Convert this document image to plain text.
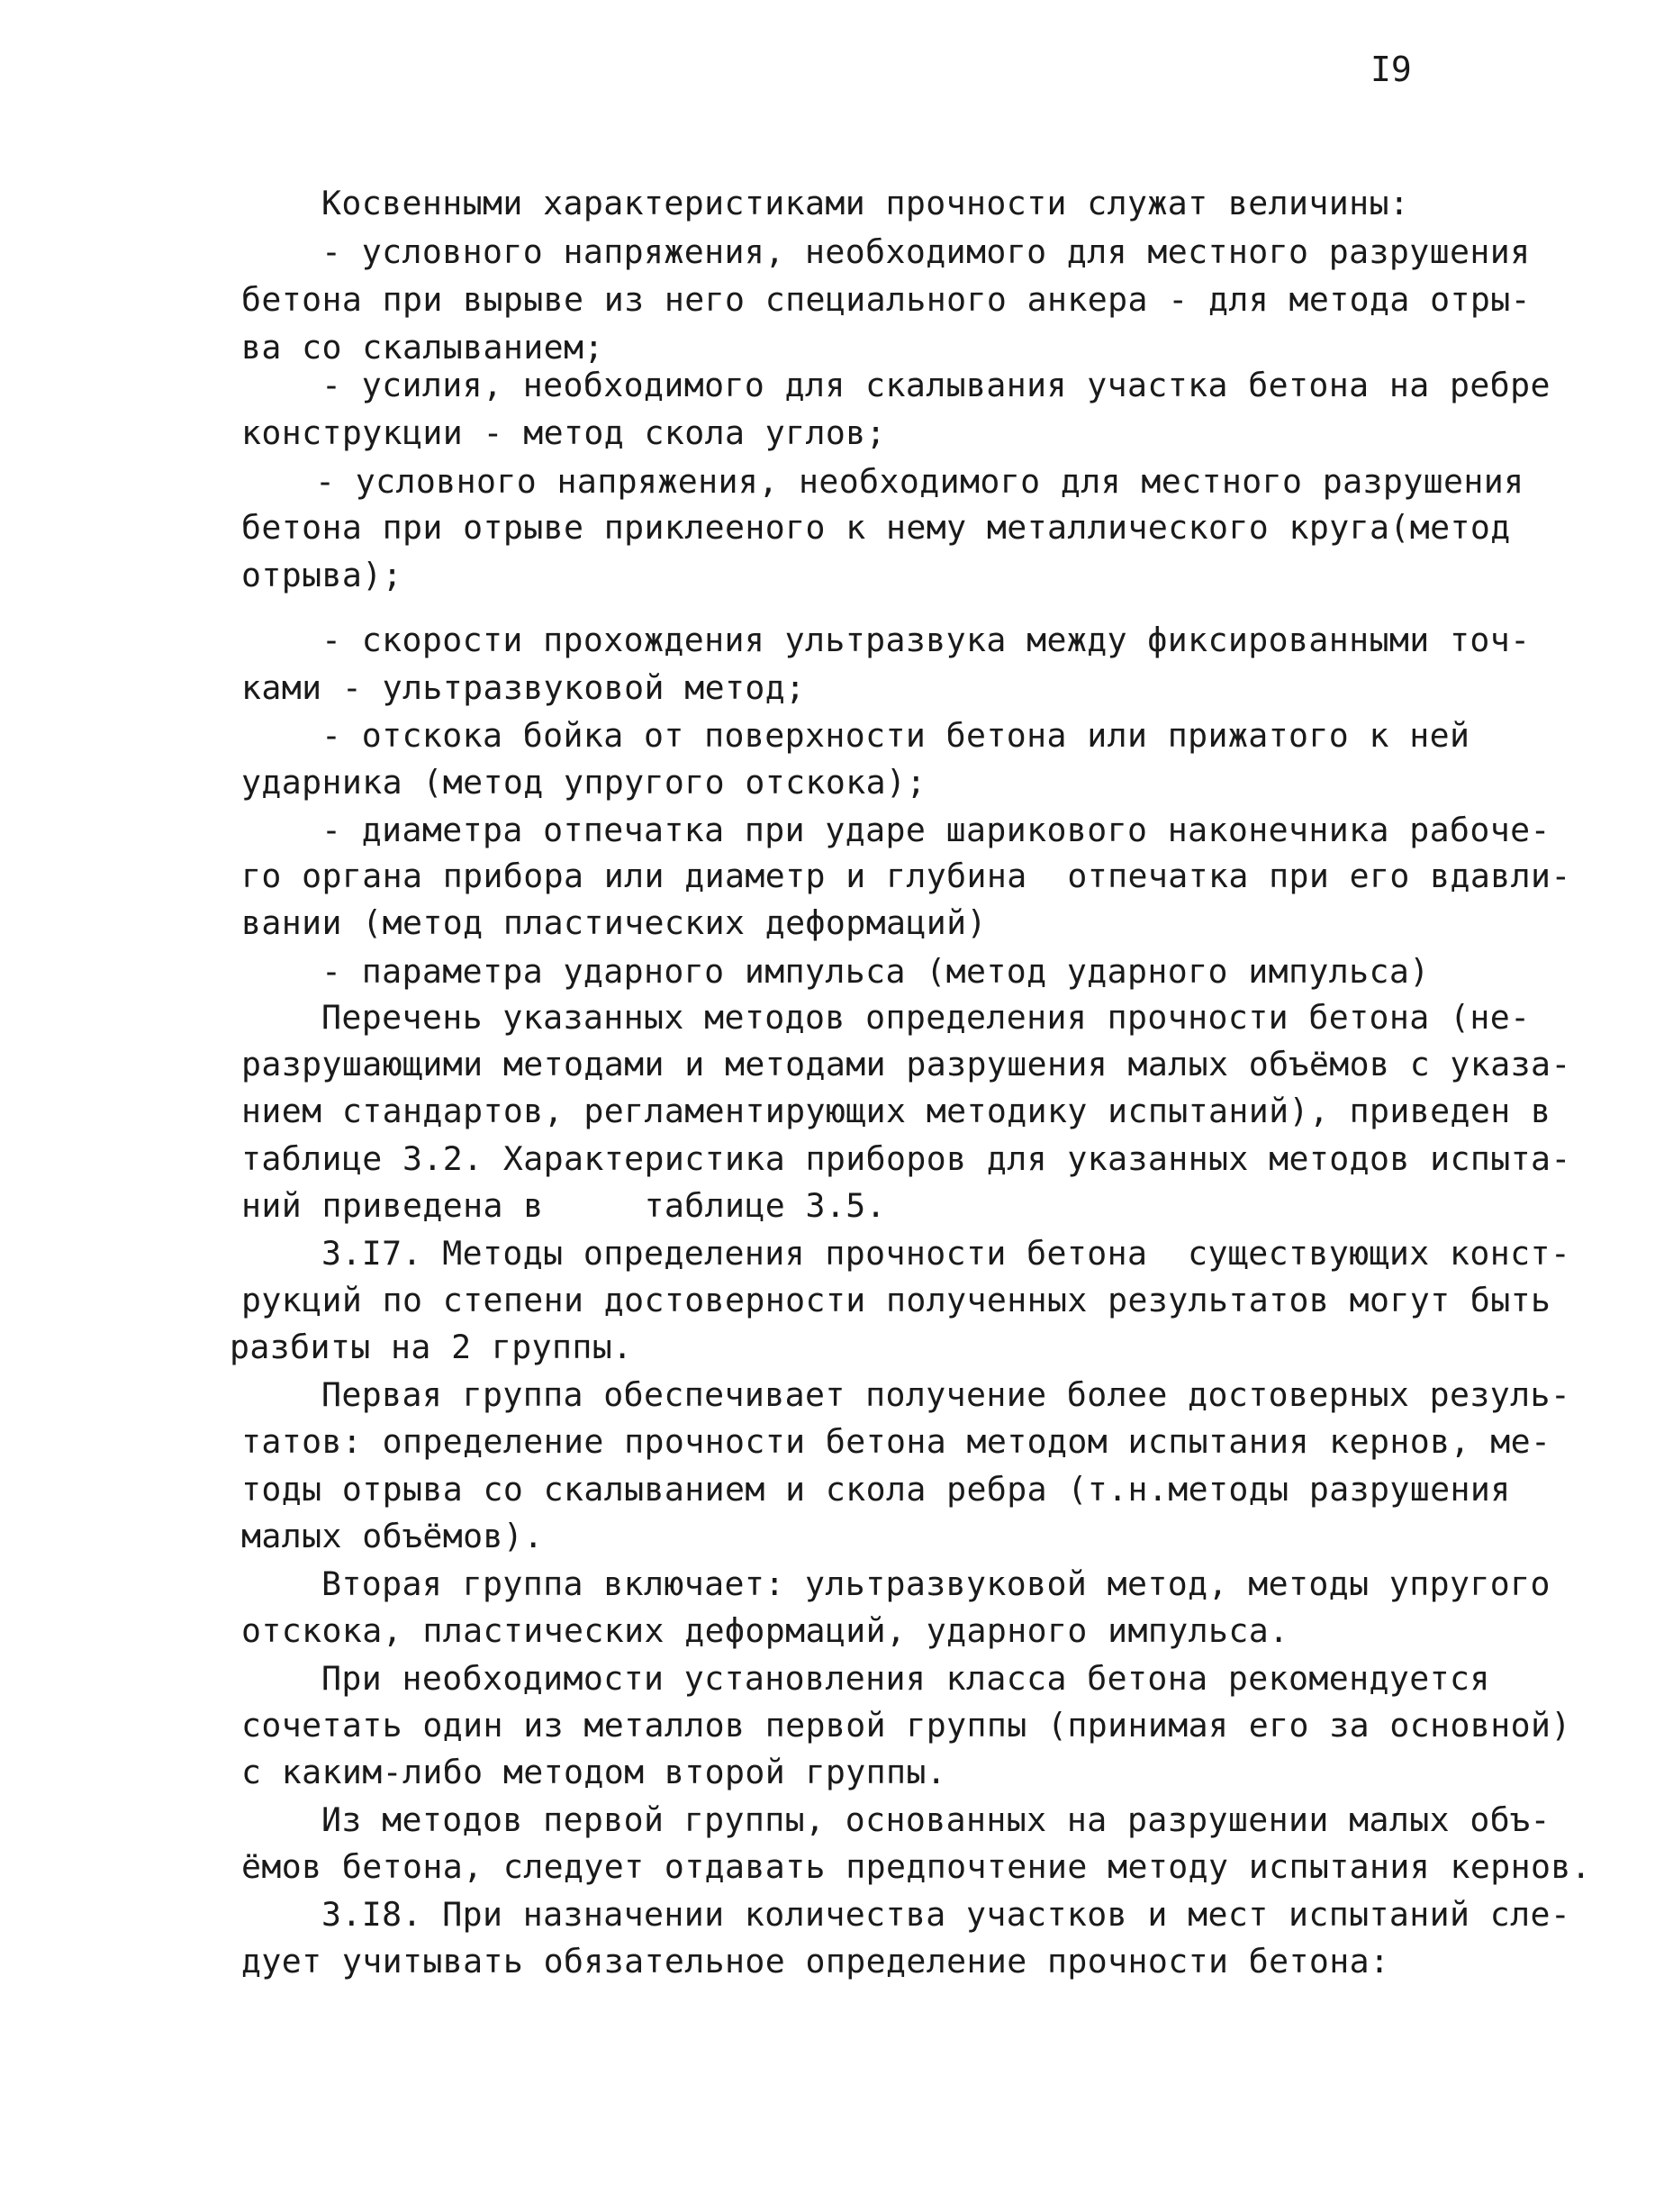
I9
Косвенными характеристиками прочности служат величины:
- условного напряжения, необходимого для местного разрушения
бетона при вырыве из него специального анкера - для метода отры-
ва со скалыванием;
- усилия, необходимого для скалывания участка бетона на ребре
конструкции - метод скола углов;
- условного напряжения, необходимого для местного разрушения
бетона при отрыве приклееного к нему металлического круга(метод
отрыва);
- скорости прохождения ультразвука между фиксированными точ-
ками - ультразвуковой метод;
- отскока бойка от поверхности бетона или прижатого к ней
ударника (метод упругого отскока);
- диаметра отпечатка при ударе шарикового наконечника рабоче-
го органа прибора или диаметр и глубина  отпечатка при его вдавли-
вании (метод пластических деформаций)
- параметра ударного импульса (метод ударного импульса)
Перечень указанных методов определения прочности бетона (не-
разрушающими методами и методами разрушения малых объёмов с указа-
нием стандартов, регламентирующих методику испытаний), приведен в
таблице 3.2. Характеристика приборов для указанных методов испыта-
ний приведена в     таблице 3.5.
3.I7. Методы определения прочности бетона  существующих конст-
рукций по степени достоверности полученных результатов могут быть
разбиты на 2 группы.
Первая группа обеспечивает получение более достоверных резуль-
татов: определение прочности бетона методом испытания кернов, ме-
тоды отрыва со скалыванием и скола ребра (т.н.методы разрушения
малых объёмов).
Вторая группа включает: ультразвуковой метод, методы упругого
отскока, пластических деформаций, ударного импульса.
При необходимости установления класса бетона рекомендуется
сочетать один из металлов первой группы (принимая его за основной)
с каким-либо методом второй группы.
Из методов первой группы, основанных на разрушении малых объ-
ёмов бетона, следует отдавать предпочтение методу испытания кернов.
3.I8. При назначении количества участков и мест испытаний сле-
дует учитывать обязательное определение прочности бетона:
